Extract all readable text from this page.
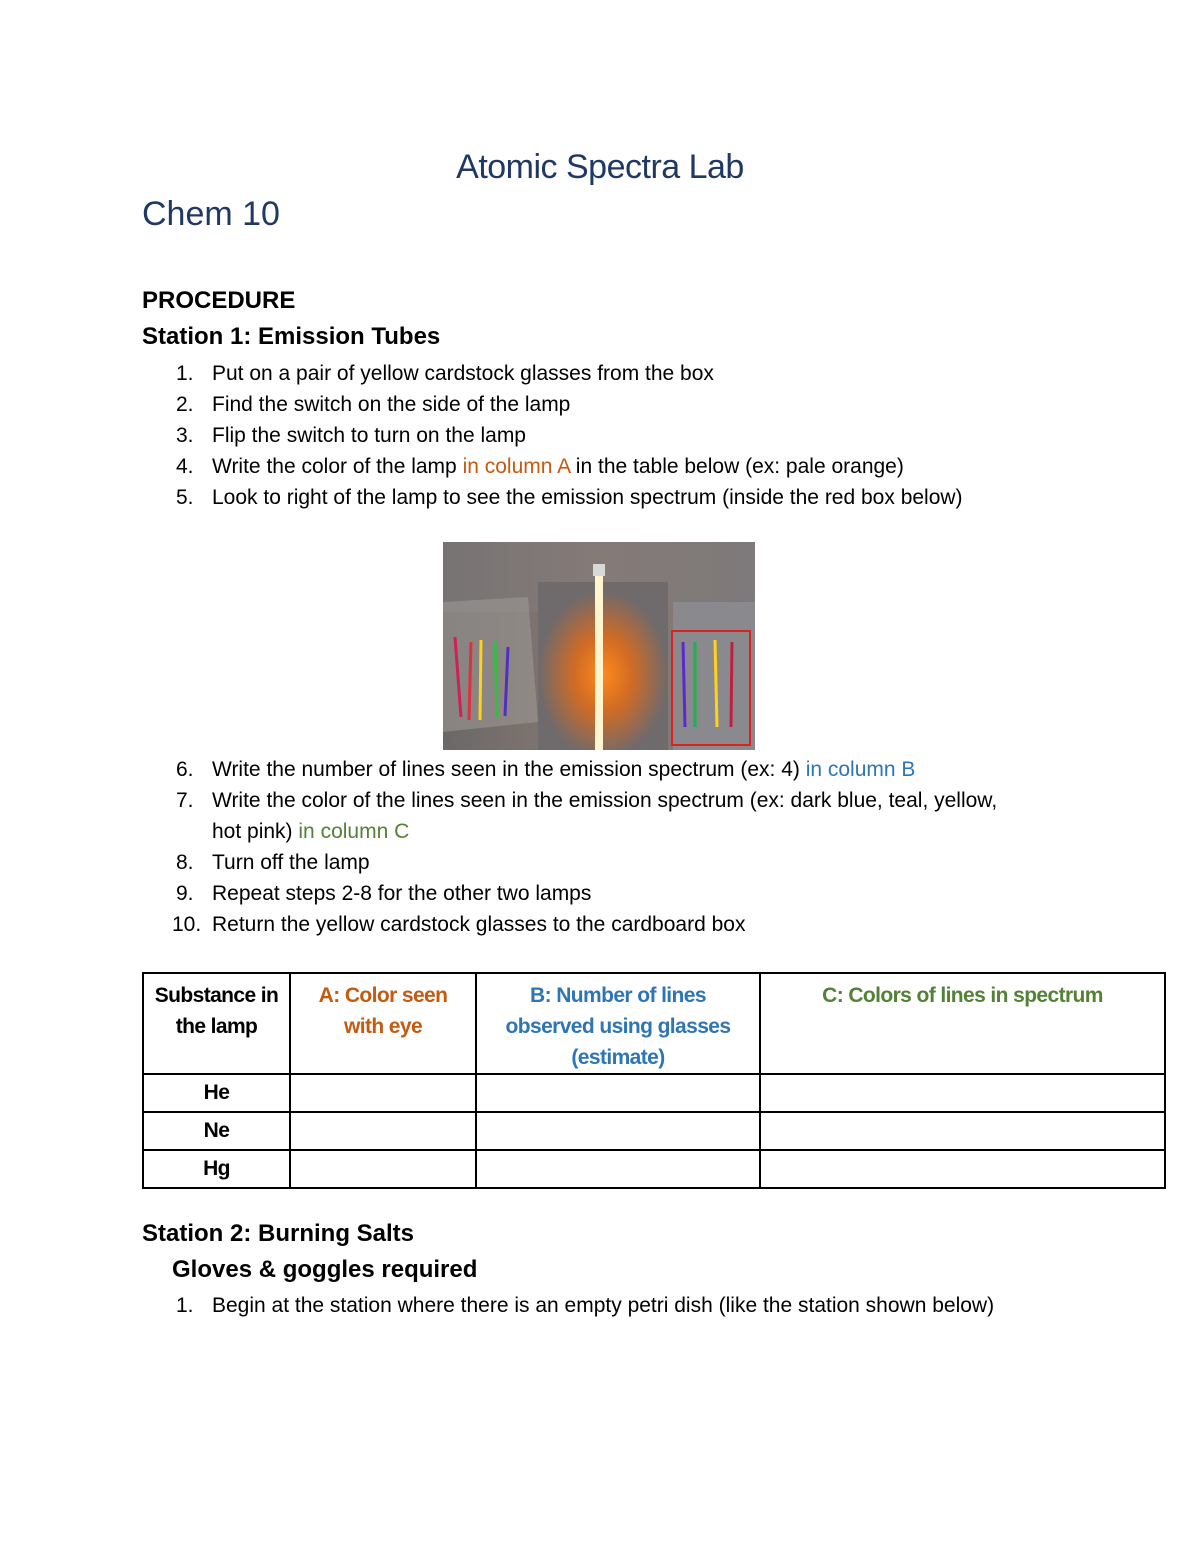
Atomic Spectra Lab
Chem 10
PROCEDURE
Station 1: Emission Tubes
1. Put on a pair of yellow cardstock glasses from the box
2. Find the switch on the side of the lamp
3. Flip the switch to turn on the lamp
4. Write the color of the lamp in column A in the table below (ex: pale orange)
5. Look to right of the lamp to see the emission spectrum (inside the red box below)
6. Write the number of lines seen in the emission spectrum (ex: 4) in column B
7. Write the color of the lines seen in the emission spectrum (ex: dark blue, teal, yellow, hot pink) in column C
8. Turn off the lamp
9. Repeat steps 2-8 for the other two lamps
10. Return the yellow cardstock glasses to the cardboard box
Substance in the lamp	A: Color seen with eye	B: Number of lines observed using glasses (estimate)	C: Colors of lines in spectrum
He			
Ne			
Hg			
Station 2: Burning Salts
Gloves & goggles required
1. Begin at the station where there is an empty petri dish (like the station shown below)
